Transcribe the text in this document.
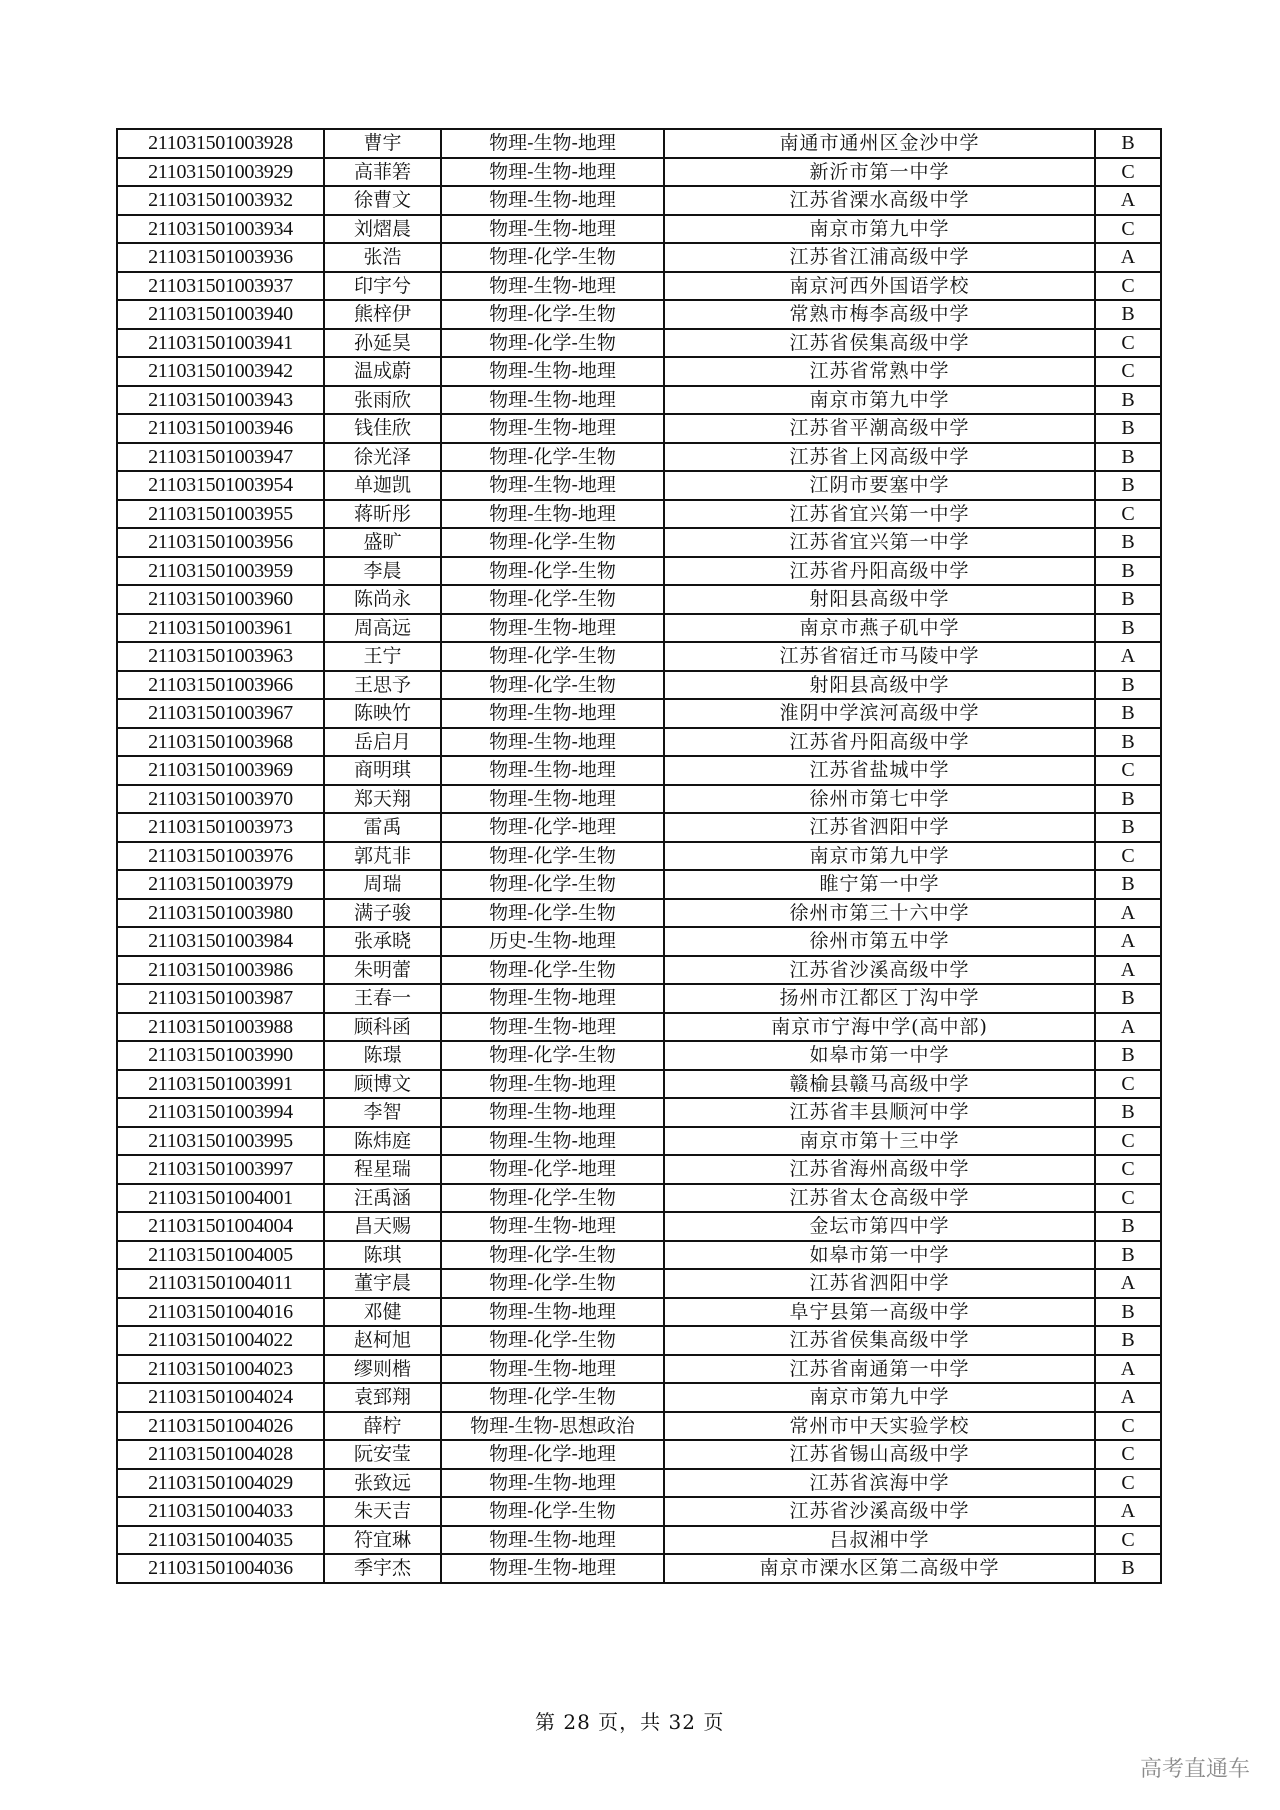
211031501003928	曹宇	物理-生物-地理	南通市通州区金沙中学	B
211031501003929	高菲箬	物理-生物-地理	新沂市第一中学	C
211031501003932	徐曹文	物理-生物-地理	江苏省溧水高级中学	A
211031501003934	刘熠晨	物理-生物-地理	南京市第九中学	C
211031501003936	张浩	物理-化学-生物	江苏省江浦高级中学	A
211031501003937	印宇兮	物理-生物-地理	南京河西外国语学校	C
211031501003940	熊梓伊	物理-化学-生物	常熟市梅李高级中学	B
211031501003941	孙延昊	物理-化学-生物	江苏省侯集高级中学	C
211031501003942	温成蔚	物理-生物-地理	江苏省常熟中学	C
211031501003943	张雨欣	物理-生物-地理	南京市第九中学	B
211031501003946	钱佳欣	物理-生物-地理	江苏省平潮高级中学	B
211031501003947	徐光泽	物理-化学-生物	江苏省上冈高级中学	B
211031501003954	单迦凯	物理-生物-地理	江阴市要塞中学	B
211031501003955	蒋昕彤	物理-生物-地理	江苏省宜兴第一中学	C
211031501003956	盛旷	物理-化学-生物	江苏省宜兴第一中学	B
211031501003959	李晨	物理-化学-生物	江苏省丹阳高级中学	B
211031501003960	陈尚永	物理-化学-生物	射阳县高级中学	B
211031501003961	周高远	物理-生物-地理	南京市燕子矶中学	B
211031501003963	王宁	物理-化学-生物	江苏省宿迁市马陵中学	A
211031501003966	王思予	物理-化学-生物	射阳县高级中学	B
211031501003967	陈映竹	物理-生物-地理	淮阴中学滨河高级中学	B
211031501003968	岳启月	物理-生物-地理	江苏省丹阳高级中学	B
211031501003969	商明琪	物理-生物-地理	江苏省盐城中学	C
211031501003970	郑天翔	物理-生物-地理	徐州市第七中学	B
211031501003973	雷禹	物理-化学-地理	江苏省泗阳中学	B
211031501003976	郭芃非	物理-化学-生物	南京市第九中学	C
211031501003979	周瑞	物理-化学-生物	睢宁第一中学	B
211031501003980	满子骏	物理-化学-生物	徐州市第三十六中学	A
211031501003984	张承晓	历史-生物-地理	徐州市第五中学	A
211031501003986	朱明蕾	物理-化学-生物	江苏省沙溪高级中学	A
211031501003987	王春一	物理-生物-地理	扬州市江都区丁沟中学	B
211031501003988	顾科函	物理-生物-地理	南京市宁海中学(高中部)	A
211031501003990	陈璟	物理-化学-生物	如皋市第一中学	B
211031501003991	顾博文	物理-生物-地理	赣榆县赣马高级中学	C
211031501003994	李智	物理-生物-地理	江苏省丰县顺河中学	B
211031501003995	陈炜庭	物理-生物-地理	南京市第十三中学	C
211031501003997	程星瑞	物理-化学-地理	江苏省海州高级中学	C
211031501004001	汪禹涵	物理-化学-生物	江苏省太仓高级中学	C
211031501004004	昌天赐	物理-生物-地理	金坛市第四中学	B
211031501004005	陈琪	物理-化学-生物	如皋市第一中学	B
211031501004011	董宇晨	物理-化学-生物	江苏省泗阳中学	A
211031501004016	邓健	物理-生物-地理	阜宁县第一高级中学	B
211031501004022	赵柯旭	物理-化学-生物	江苏省侯集高级中学	B
211031501004023	缪则楷	物理-生物-地理	江苏省南通第一中学	A
211031501004024	袁郅翔	物理-化学-生物	南京市第九中学	A
211031501004026	薛柠	物理-生物-思想政治	常州市中天实验学校	C
211031501004028	阮安莹	物理-化学-地理	江苏省锡山高级中学	C
211031501004029	张致远	物理-生物-地理	江苏省滨海中学	C
211031501004033	朱天吉	物理-化学-生物	江苏省沙溪高级中学	A
211031501004035	符宜琳	物理-生物-地理	吕叔湘中学	C
211031501004036	季宇杰	物理-生物-地理	南京市溧水区第二高级中学	B
第 28 页，共 32 页
高考直通车
